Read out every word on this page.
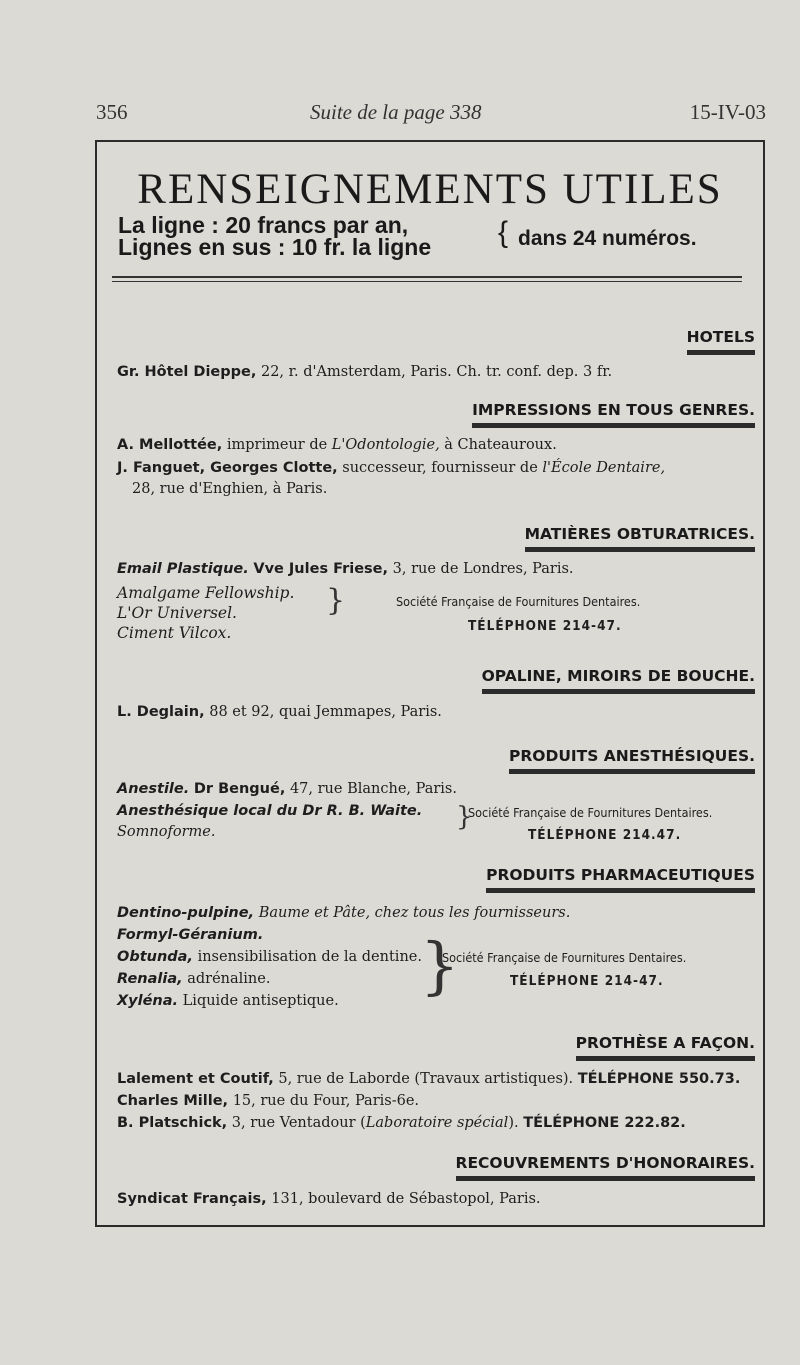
356	Suite de la page 338	15-IV-03
RENSEIGNEMENTS UTILES
La ligne : 20 francs par an,
Lignes en sus : 10 fr. la ligne { dans 24 numéros.
HOTELS
Gr. Hôtel Dieppe, 22, r. d'Amsterdam, Paris. Ch. tr. conf. dep. 3 fr.
IMPRESSIONS EN TOUS GENRES.
A. Mellottée, imprimeur de L'Odontologie, à Chateauroux.
J. Fanguet, Georges Clotte, successeur, fournisseur de l'École Dentaire,
28, rue d'Enghien, à Paris.
MATIÈRES OBTURATRICES.
Email Plastique. Vve Jules Friese, 3, rue de Londres, Paris.
Amalgame Fellowship.
L'Or Universel.
Ciment Vilcox.
}	Société Française de Fournitures Dentaires.
TÉLÉPHONE 214-47.
OPALINE, MIROIRS DE BOUCHE.
L. Deglain, 88 et 92, quai Jemmapes, Paris.
PRODUITS ANESTHÉSIQUES.
Anestile. Dr Bengué, 47, rue Blanche, Paris.
Anesthésique local du Dr R. B. Waite.
Somnoforme.	}
Société Française de Fournitures Dentaires.
TÉLÉPHONE 214.47.
PRODUITS PHARMACEUTIQUES
Dentino-pulpine, Baume et Pâte, chez tous les fournisseurs.
Formyl-Géranium.
Obtunda, insensibilisation de la dentine.
Renalia, adrénaline.
Xyléna. Liquide antiseptique. }
Société Française de Fournitures Dentaires.
TÉLÉPHONE 214-47.
PROTHÈSE A FAÇON.
Lalement et Coutif, 5, rue de Laborde (Travaux artistiques). TÉLÉPHONE 550.73.
Charles Mille, 15, rue du Four, Paris-6e.
B. Platschick, 3, rue Ventadour (Laboratoire spécial). TÉLÉPHONE 222.82.
RECOUVREMENTS D'HONORAIRES.
Syndicat Français, 131, boulevard de Sébastopol, Paris.
